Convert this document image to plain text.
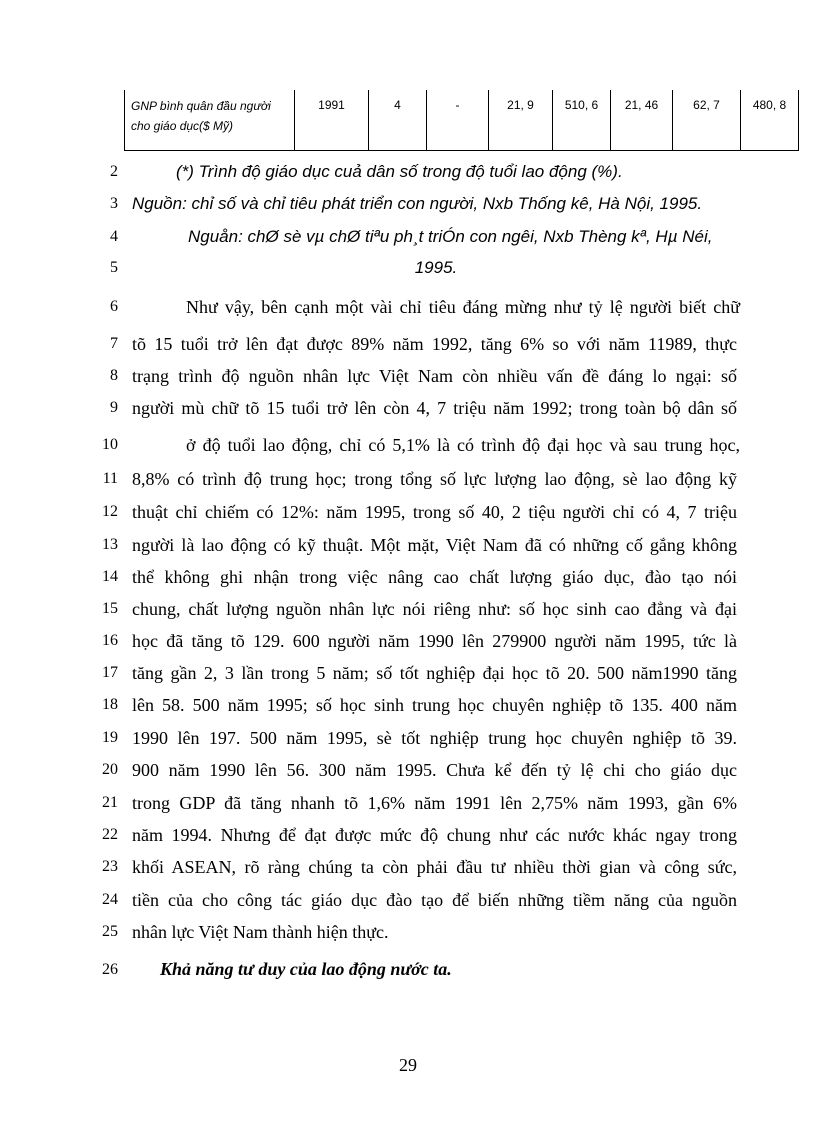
GNP bình quân đầu người cho giáo dục($ Mỹ)	1991	4	-	21, 9	510, 6	21, 46	62, 7	480, 8
2
3
4
5
6
7
8
9
10
11
12
13
14
15
16
17
18
19
20
21
22
23
24
25
26
(*) Trình độ giáo dục cuả dân số trong độ tuổi lao động (%).
Nguồn: chỉ số và chỉ tiêu phát triển con người, Nxb Thống kê, Hà Nội, 1995.
Nguån: chØ sè vµ chØ tiªu ph¸t triÓn con ngêi, Nxb Thèng kª, Hµ Néi,
1995.
Như vậy, bên cạnh một vài chỉ tiêu đáng mừng như tỷ lệ người biết chữ
tõ 15 tuổi trở lên đạt được 89% năm 1992, tăng 6% so với năm 11989, thực
trạng trình độ nguồn nhân lực Việt Nam còn nhiều vấn đề đáng lo ngại: số
người mù chữ tõ 15 tuổi trở lên còn 4, 7 triệu năm 1992; trong toàn bộ dân số
ở độ tuổi lao động, chỉ có 5,1% là có trình độ đại học và sau trung học,
8,8% có trình độ trung học; trong tổng số lực lượng lao động, sè lao động kỹ
thuật chỉ chiếm có 12%: năm 1995, trong số 40, 2 tiệu người chỉ có 4, 7 triệu
người là lao động có kỹ thuật. Một mặt, Việt Nam đã có những cố gắng không
thể không ghi nhận trong việc nâng cao chất lượng giáo dục, đào tạo nói
chung, chất lượng nguồn nhân lực nói riêng như: số học sinh cao đẳng và đại
học đã tăng tõ 129. 600 người năm 1990 lên 279900 người năm 1995, tức là
tăng gần 2, 3 lần trong 5 năm; số tốt nghiệp đại học tõ 20. 500 năm1990 tăng
lên 58. 500 năm 1995; số học sinh trung học chuyên nghiệp tõ 135. 400 năm
1990 lên 197. 500 năm 1995, sè tốt nghiệp trung học chuyên nghiệp tõ 39.
900 năm 1990 lên 56. 300 năm 1995. Chưa kể đến tỷ lệ chi cho giáo dục
trong GDP đã tăng nhanh tõ 1,6% năm 1991 lên 2,75% năm 1993, gần 6%
năm 1994. Nhưng để đạt được mức độ chung như các nước khác ngay trong
khối ASEAN, rõ ràng chúng ta còn phải đầu tư nhiều thời gian và công sức,
tiền của cho công tác giáo dục đào tạo để biến những tiềm năng của nguồn
nhân lực Việt Nam thành hiện thực.
Khả năng tư duy của lao động nước ta.
29
